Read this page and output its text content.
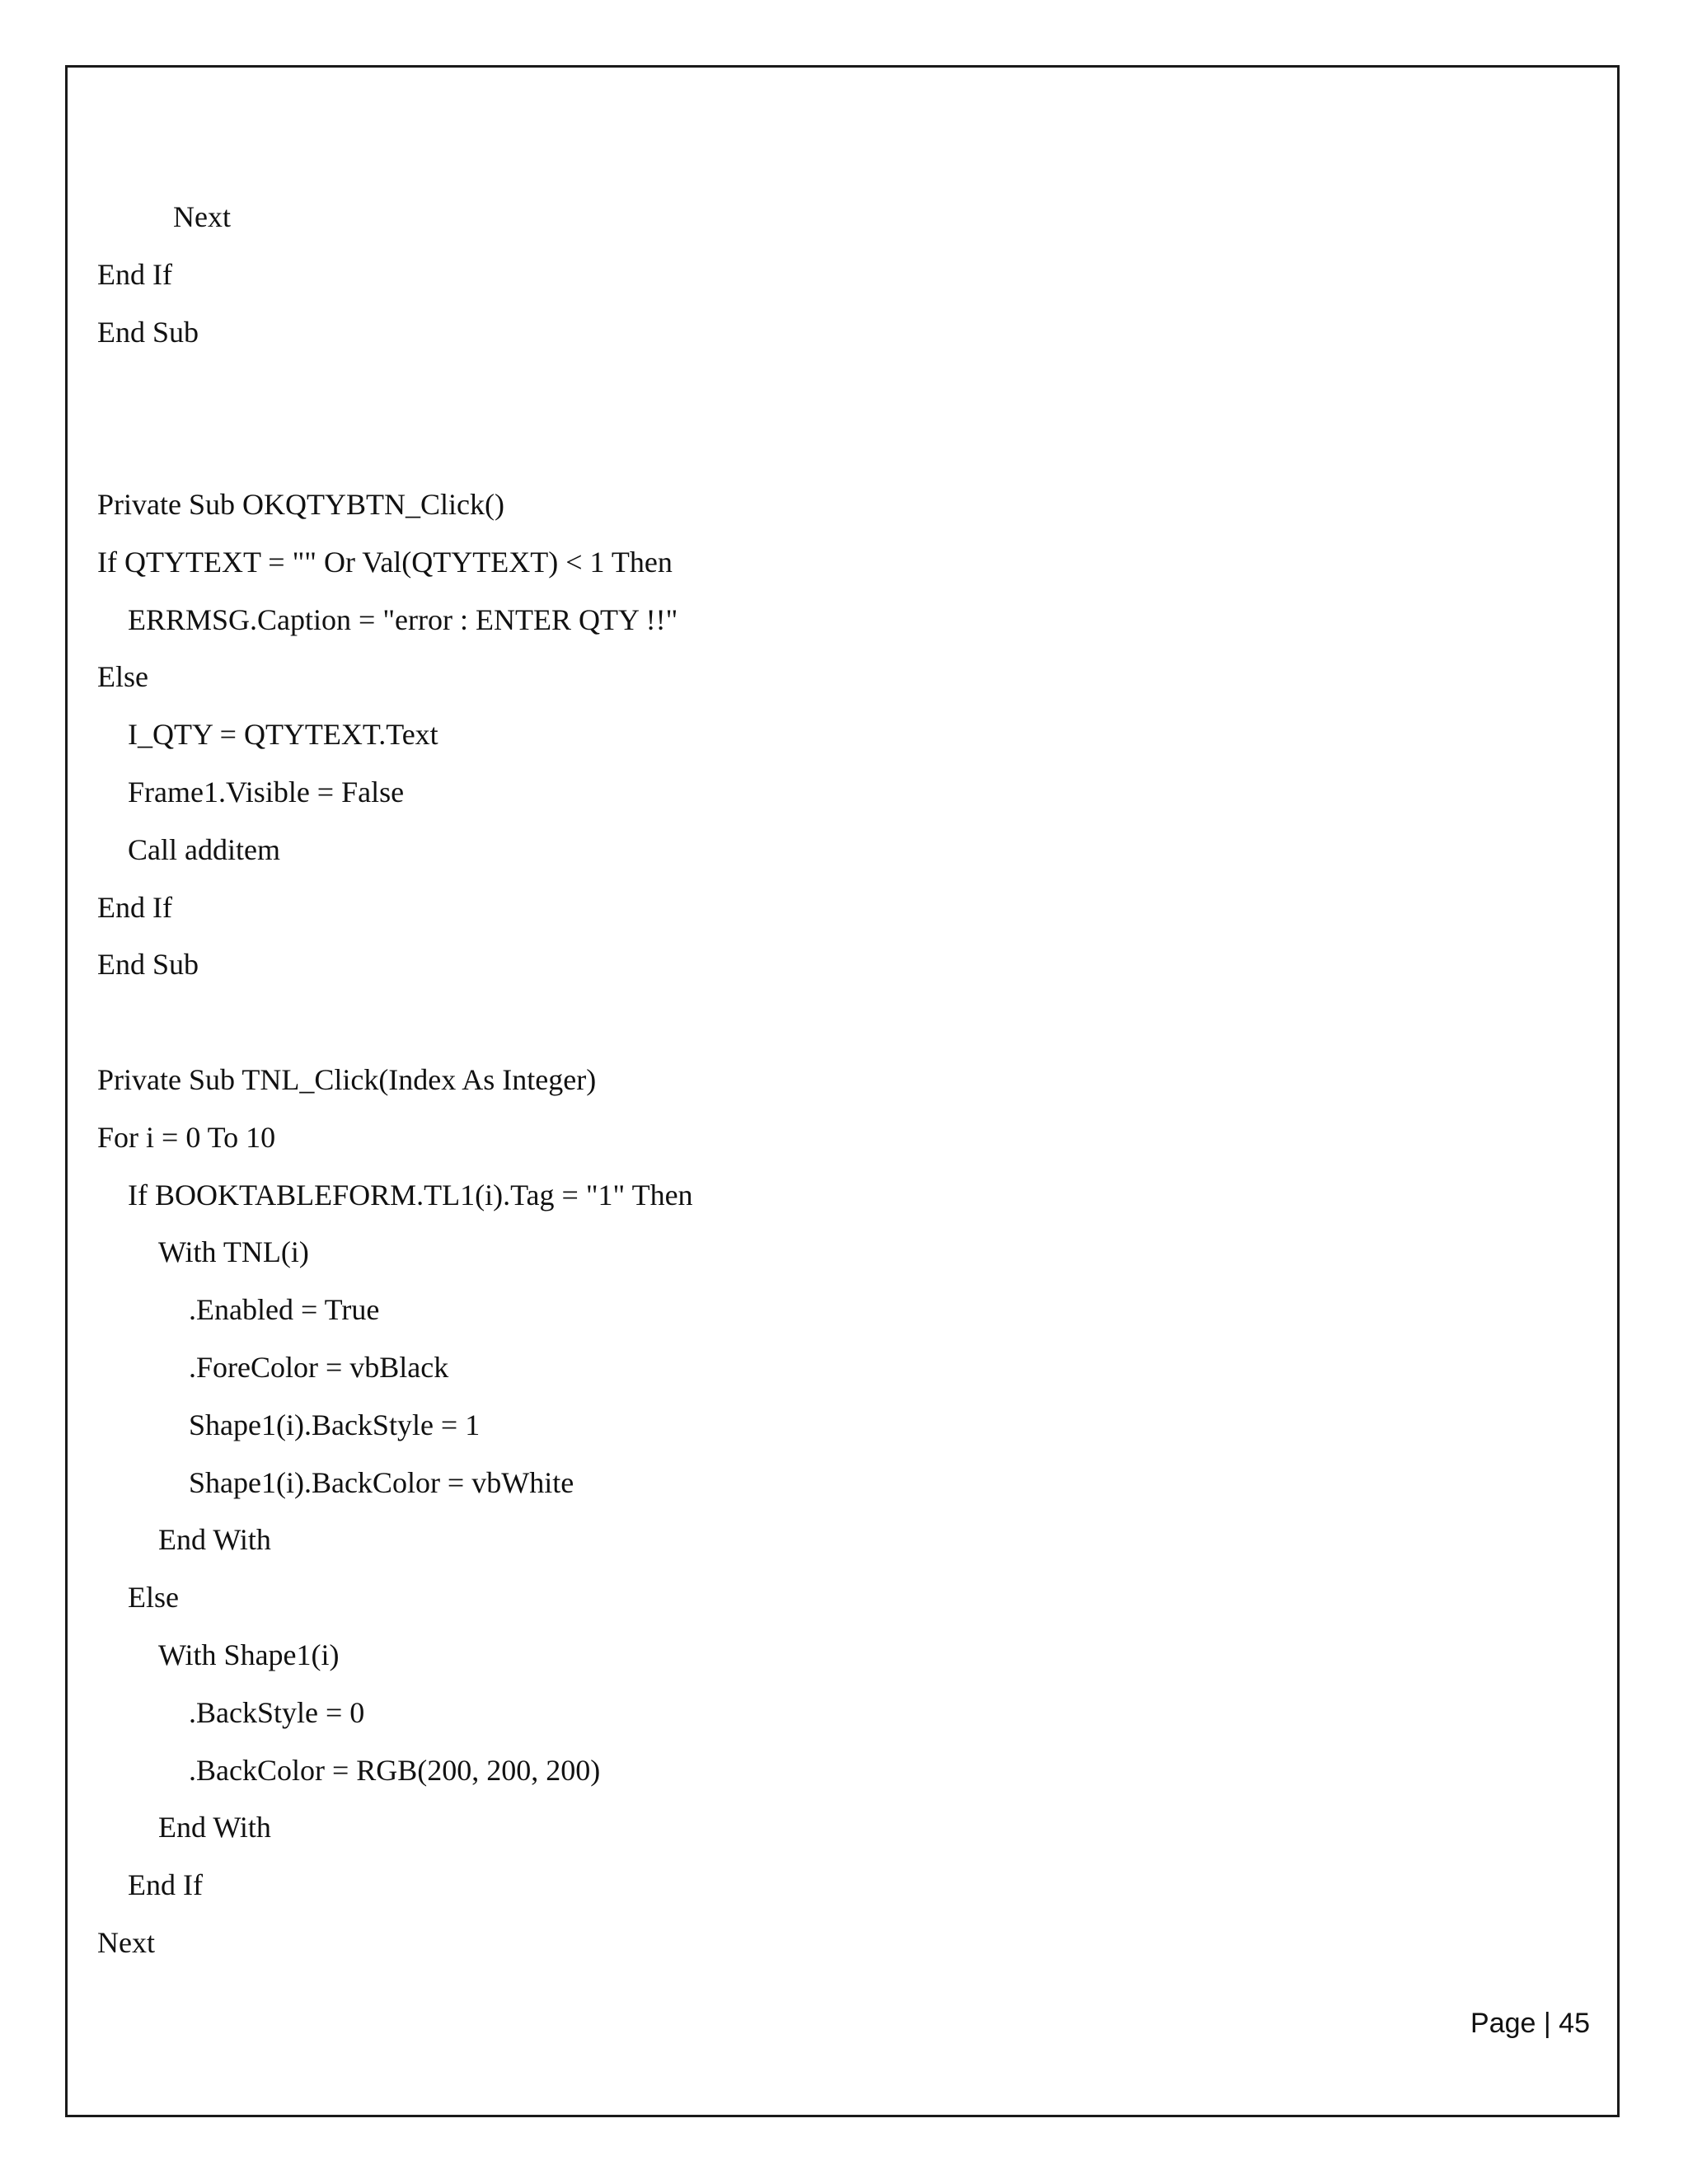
Next
End If
End Sub
Private Sub OKQTYBTN_Click()
If QTYTEXT = "" Or Val(QTYTEXT) < 1 Then
ERRMSG.Caption = "error : ENTER QTY !!"
Else
I_QTY = QTYTEXT.Text
Frame1.Visible = False
Call additem
End If
End Sub
Private Sub TNL_Click(Index As Integer)
For i = 0 To 10
If BOOKTABLEFORM.TL1(i).Tag = "1" Then
With TNL(i)
.Enabled = True
.ForeColor = vbBlack
Shape1(i).BackStyle = 1
Shape1(i).BackColor = vbWhite
End With
Else
With Shape1(i)
.BackStyle = 0
.BackColor = RGB(200, 200, 200)
End With
End If
Next
Page | 45
